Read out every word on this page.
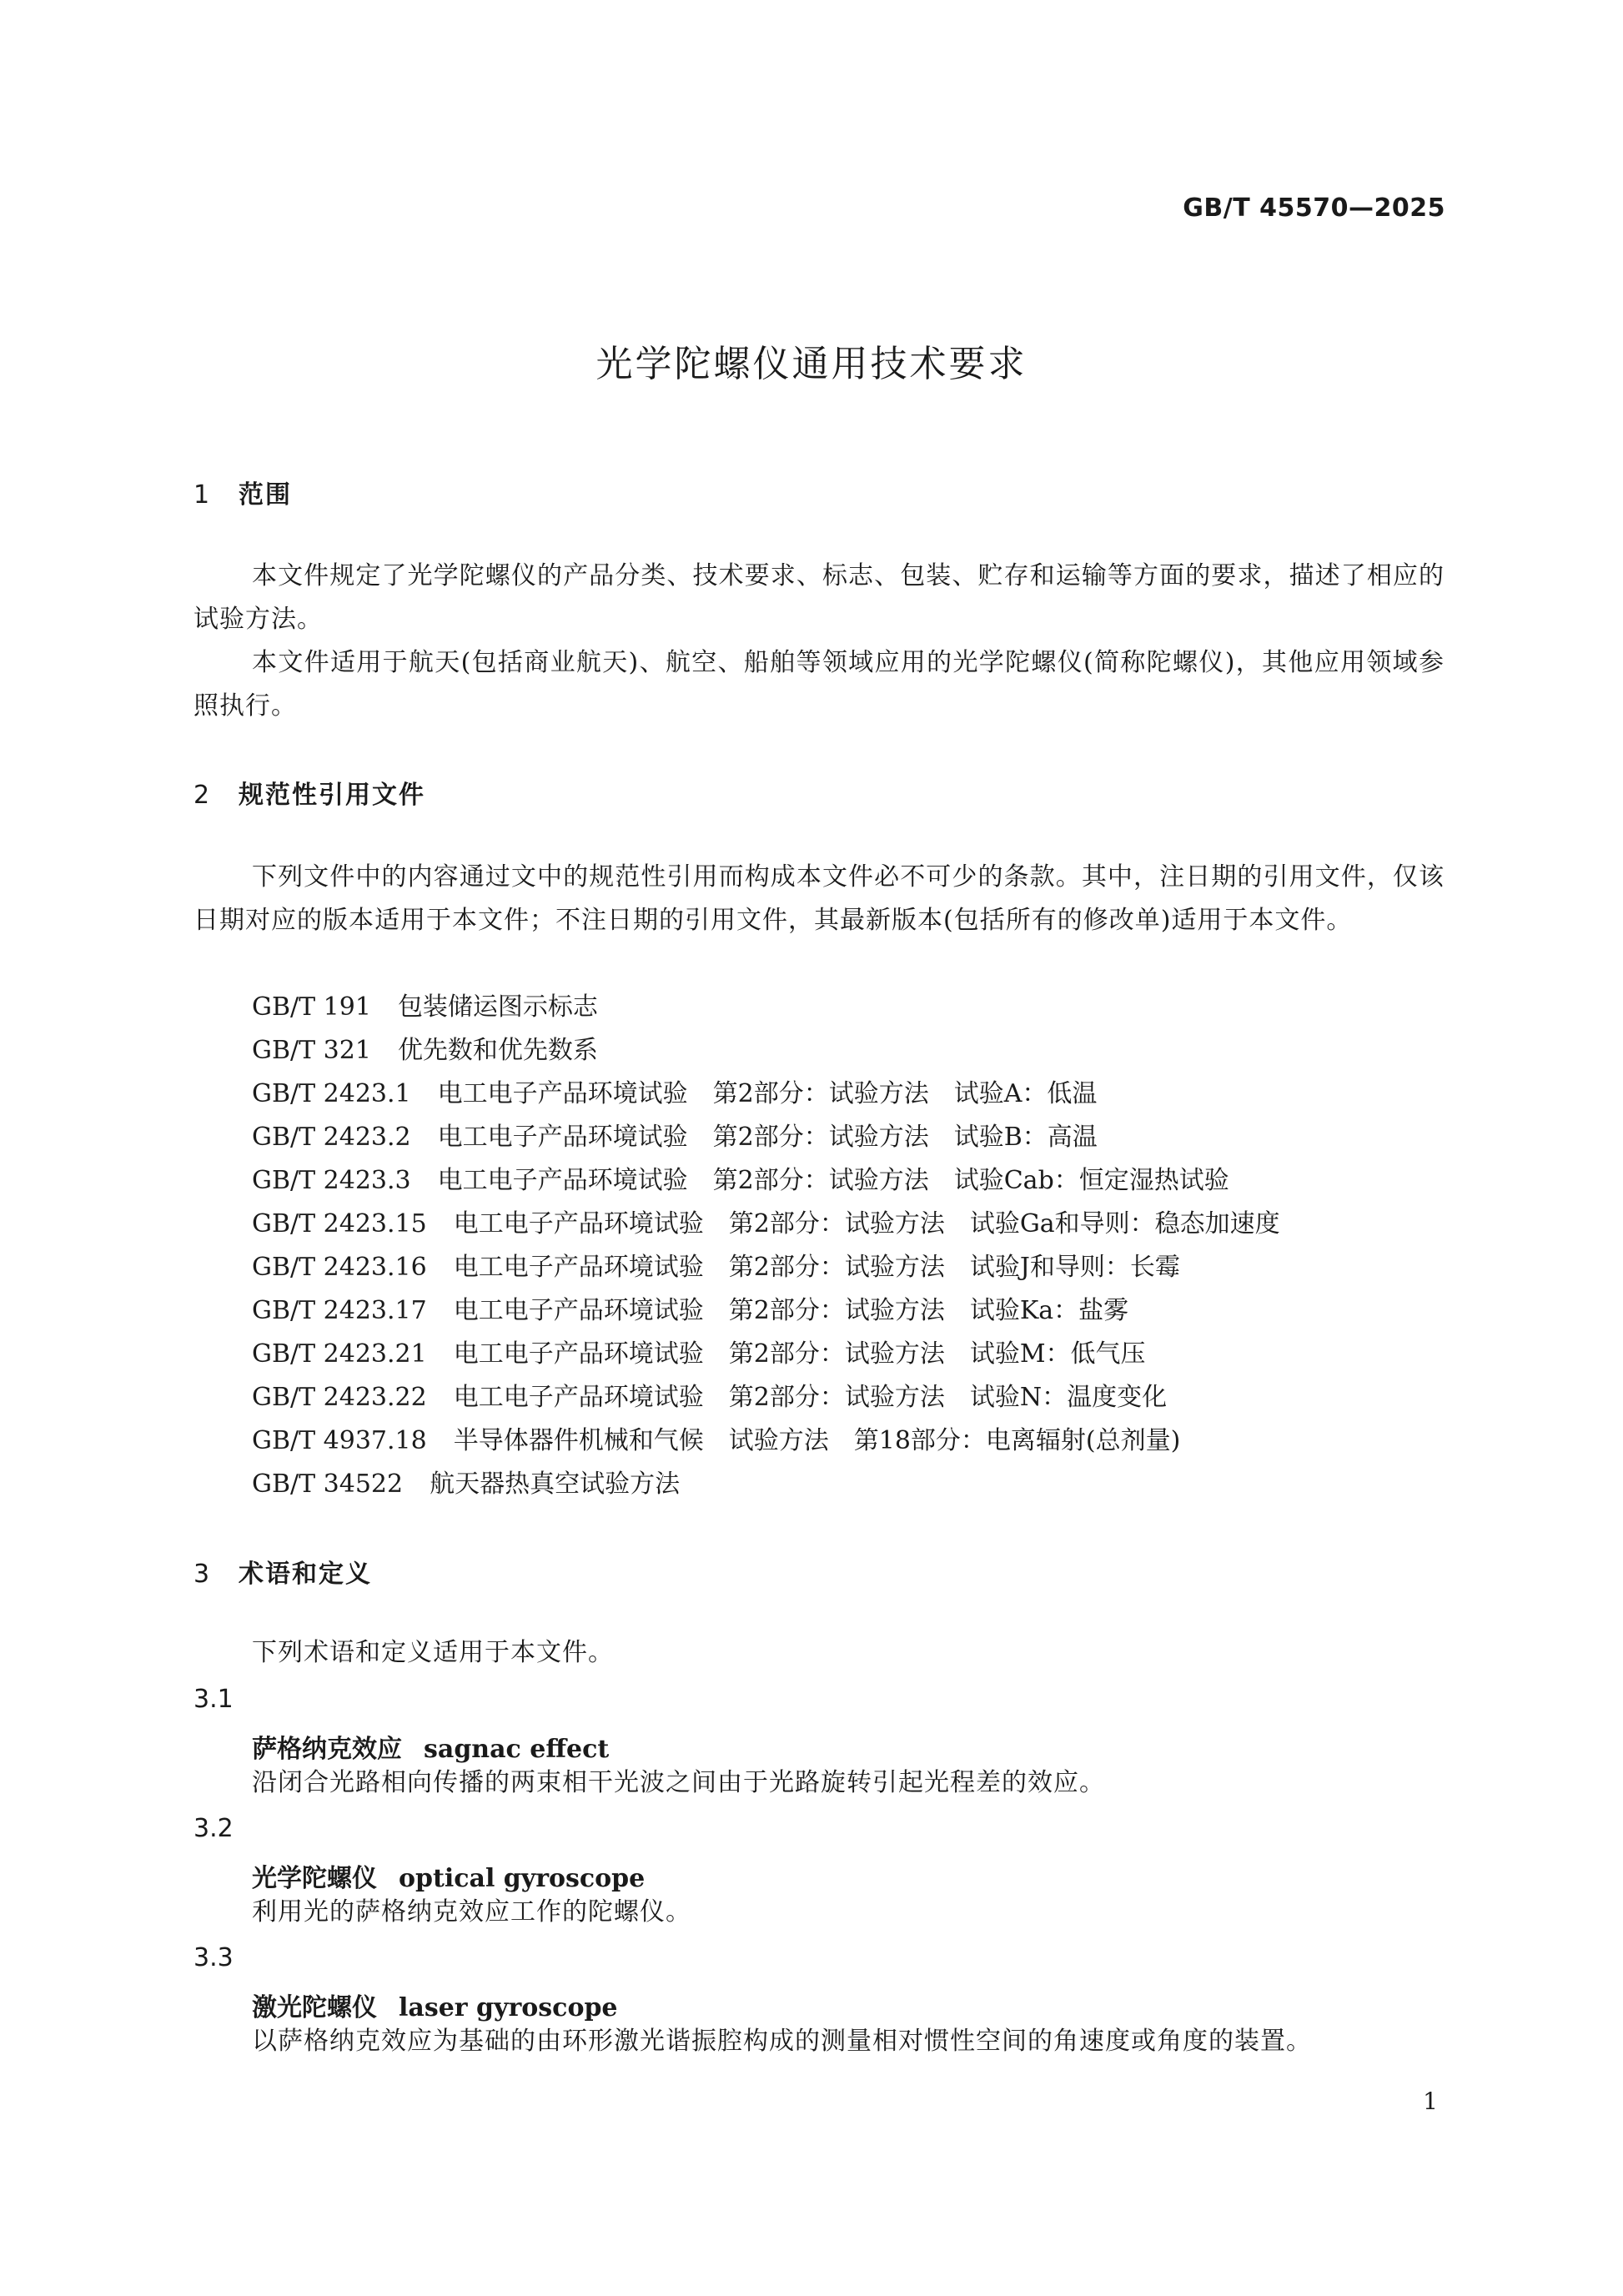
GB/T 45570—2025
光学陀螺仪通用技术要求
1 范围

本文件规定了光学陀螺仪的产品分类、技术要求、标志、包装、贮存和运输等方面的要求，描述了相应的试验方法。

本文件适用于航天(包括商业航天)、航空、船舶等领域应用的光学陀螺仪(简称陀螺仪)，其他应用领域参照执行。

2 规范性引用文件

下列文件中的内容通过文中的规范性引用而构成本文件必不可少的条款。其中，注日期的引用文件，仅该日期对应的版本适用于本文件；不注日期的引用文件，其最新版本(包括所有的修改单)适用于本文件。

GB/T 191 包装储运图示标志
GB/T 321 优先数和优先数系
GB/T 2423.1 电工电子产品环境试验　第2部分：试验方法　试验A：低温
GB/T 2423.2 电工电子产品环境试验　第2部分：试验方法　试验B：高温
GB/T 2423.3 电工电子产品环境试验　第2部分：试验方法　试验Cab：恒定湿热试验
GB/T 2423.15 电工电子产品环境试验　第2部分：试验方法　试验Ga和导则：稳态加速度
GB/T 2423.16 电工电子产品环境试验　第2部分：试验方法　试验J和导则：长霉
GB/T 2423.17 电工电子产品环境试验　第2部分：试验方法　试验Ka：盐雾
GB/T 2423.21 电工电子产品环境试验　第2部分：试验方法　试验M：低气压
GB/T 2423.22 电工电子产品环境试验　第2部分：试验方法　试验N：温度变化
GB/T 4937.18 半导体器件机械和气候　试验方法　第18部分：电离辐射(总剂量)
GB/T 34522 航天器热真空试验方法
3 术语和定义

下列术语和定义适用于本文件。

3.1
萨格纳克效应 sagnac effect

沿闭合光路相向传播的两束相干光波之间由于光路旋转引起光程差的效应。

3.2
光学陀螺仪 optical gyroscope

利用光的萨格纳克效应工作的陀螺仪。

3.3
激光陀螺仪 laser gyroscope

以萨格纳克效应为基础的由环形激光谐振腔构成的测量相对惯性空间的角速度或角度的装置。

1
